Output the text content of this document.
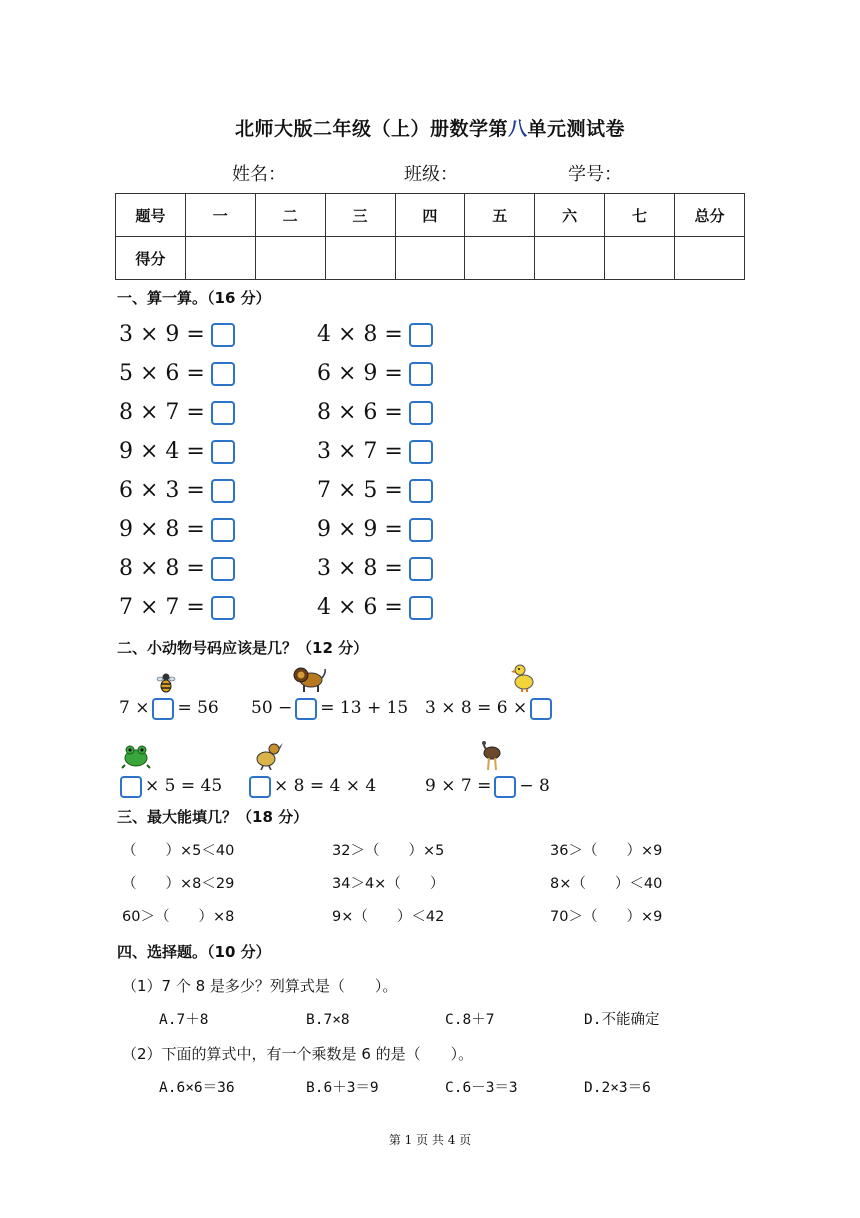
北师大版二年级（上）册数学第八单元测试卷
姓名：	班级：	学号：
题号	一	二	三	四	五	六	七	总分
得分								
一、算一算。（16 分）
3 × 9 =
5 × 6 =
8 × 7 =
9 × 4 =
6 × 3 =
9 × 8 =
8 × 8 =
7 × 7 =
4 × 8 =
6 × 9 =
8 × 6 =
3 × 7 =
7 × 5 =
9 × 9 =
3 × 8 =
4 × 6 =
二、小动物号码应该是几？（12 分）
7 × = 56 50 − = 13 + 15 3 × 8 = 6 ×
× 5 = 45	× 8 = 4 × 4	9 × 7 = − 8
三、最大能填几？（18 分）
（　　）×5＜40	32＞（　　）×5	36＞（　　）×9
（　　）×8＜29	34＞4×（　　）	8×（　　）＜40
60＞（　　）×8	9×（　　）＜42	70＞（　　）×9
四、选择题。（10 分）
（1）7 个 8 是多少？列算式是（　　）。
A.7＋8	B.7×8	C.8＋7	D.不能确定
（2）下面的算式中，有一个乘数是 6 的是（　　）。
A.6×6＝36	B.6＋3＝9	C.6－3＝3	D.2×3＝6
第 1 页 共 4 页
